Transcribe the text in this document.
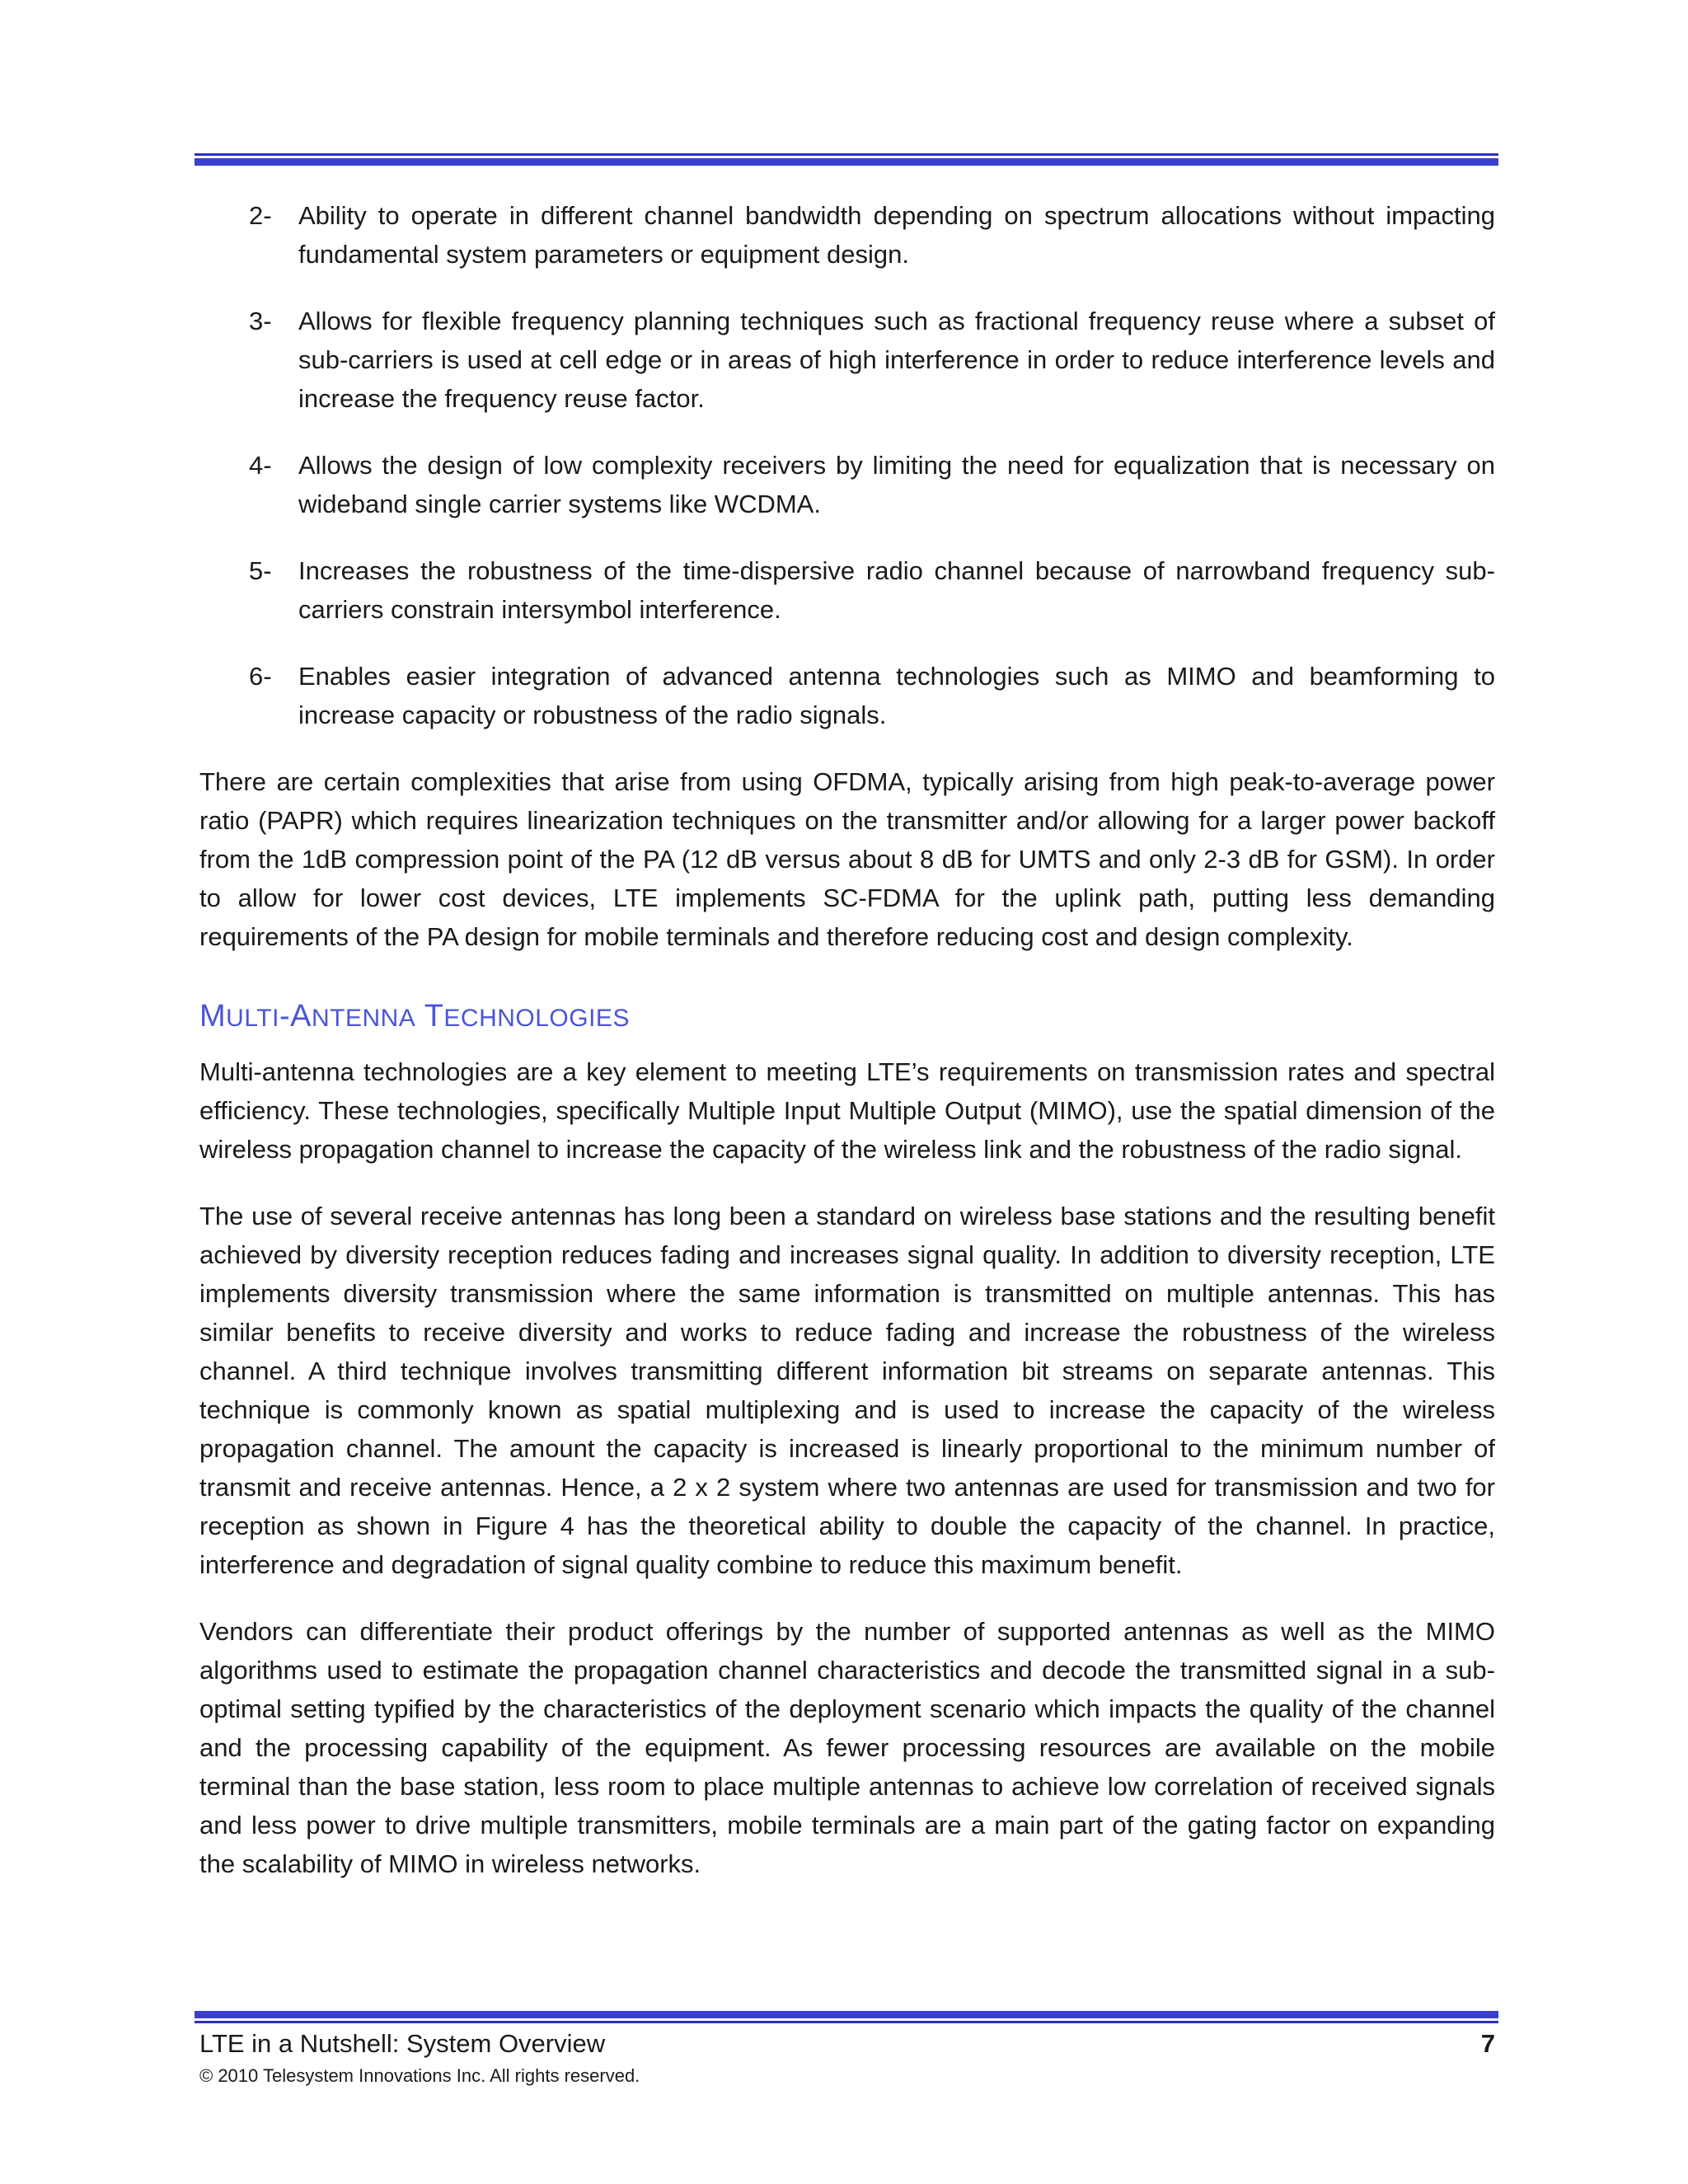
2- Ability to operate in different channel bandwidth depending on spectrum allocations without impacting fundamental system parameters or equipment design.
3- Allows for flexible frequency planning techniques such as fractional frequency reuse where a subset of sub-carriers is used at cell edge or in areas of high interference in order to reduce interference levels and increase the frequency reuse factor.
4- Allows the design of low complexity receivers by limiting the need for equalization that is necessary on wideband single carrier systems like WCDMA.
5- Increases the robustness of the time-dispersive radio channel because of narrowband frequency sub-carriers constrain intersymbol interference.
6- Enables easier integration of advanced antenna technologies such as MIMO and beamforming to increase capacity or robustness of the radio signals.

There are certain complexities that arise from using OFDMA, typically arising from high peak-to-average power ratio (PAPR) which requires linearization techniques on the transmitter and/or allowing for a larger power backoff from the 1dB compression point of the PA (12 dB versus about 8 dB for UMTS and only 2-3 dB for GSM). In order to allow for lower cost devices, LTE implements SC-FDMA for the uplink path, putting less demanding requirements of the PA design for mobile terminals and therefore reducing cost and design complexity.

MULTI-ANTENNA TECHNOLOGIES

Multi-antenna technologies are a key element to meeting LTE’s requirements on transmission rates and spectral efficiency. These technologies, specifically Multiple Input Multiple Output (MIMO), use the spatial dimension of the wireless propagation channel to increase the capacity of the wireless link and the robustness of the radio signal.

The use of several receive antennas has long been a standard on wireless base stations and the resulting benefit achieved by diversity reception reduces fading and increases signal quality. In addition to diversity reception, LTE implements diversity transmission where the same information is transmitted on multiple antennas. This has similar benefits to receive diversity and works to reduce fading and increase the robustness of the wireless channel. A third technique involves transmitting different information bit streams on separate antennas. This technique is commonly known as spatial multiplexing and is used to increase the capacity of the wireless propagation channel. The amount the capacity is increased is linearly proportional to the minimum number of transmit and receive antennas. Hence, a 2 x 2 system where two antennas are used for transmission and two for reception as shown in Figure 4 has the theoretical ability to double the capacity of the channel. In practice, interference and degradation of signal quality combine to reduce this maximum benefit.

Vendors can differentiate their product offerings by the number of supported antennas as well as the MIMO algorithms used to estimate the propagation channel characteristics and decode the transmitted signal in a sub-optimal setting typified by the characteristics of the deployment scenario which impacts the quality of the channel and the processing capability of the equipment. As fewer processing resources are available on the mobile terminal than the base station, less room to place multiple antennas to achieve low correlation of received signals and less power to drive multiple transmitters, mobile terminals are a main part of the gating factor on expanding the scalability of MIMO in wireless networks.

LTE in a Nutshell: System Overview	7
© 2010 Telesystem Innovations Inc. All rights reserved.
